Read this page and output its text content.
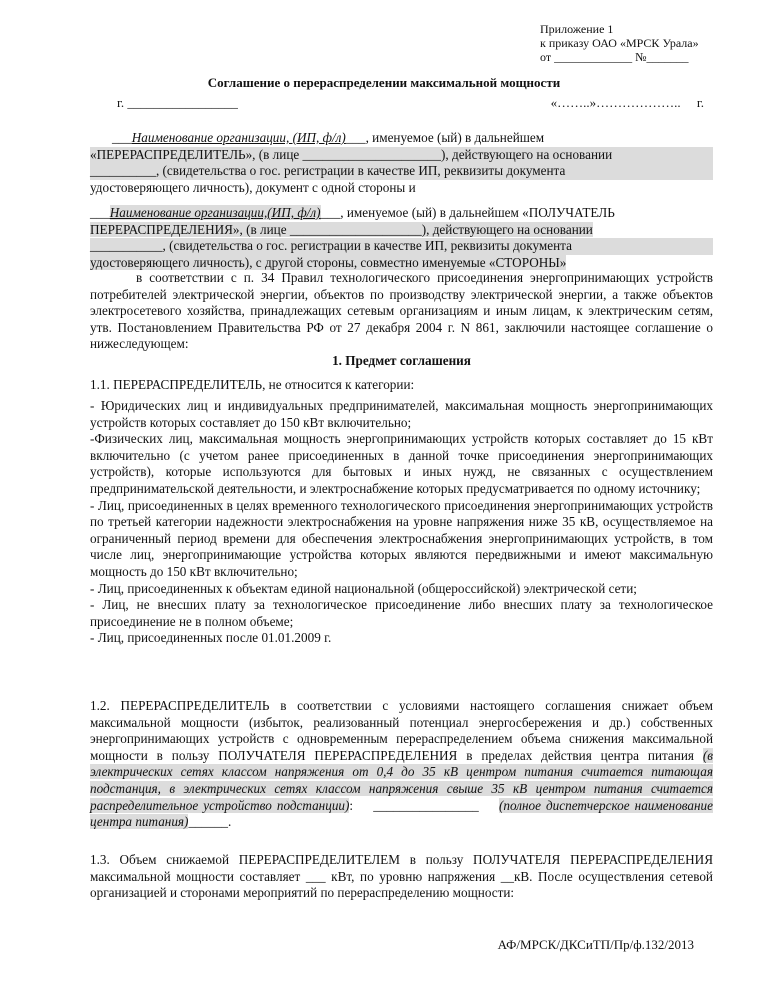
Приложение 1
к приказу ОАО «МРСК Урала»
от _____________ №_______
Соглашение о перераспределении максимальной мощности
г. _________________	«……..»………………..     г.

___Наименование организации, (ИП, ф/л)___, именуемое (ый) в дальнейшем

«ПЕРЕРАСПРЕДЕЛИТЕЛЬ», (в лице _____________________), действующего на основании

__________, (свидетельства о гос. регистрации в качестве ИП, реквизиты документа

удостоверяющего личность), документ с одной стороны и

___Наименование организации,(ИП, ф/л)___, именуемое (ый) в дальнейшем «ПОЛУЧАТЕЛЬ

ПЕРЕРАСПРЕДЕЛЕНИЯ», (в лице ____________________), действующего на основании

___________, (свидетельства о гос. регистрации в качестве ИП, реквизиты документа

удостоверяющего личность), с другой стороны, совместно именуемые «СТОРОНЫ»

в соответствии с п. 34 Правил технологического присоединения энергопринимающих устройств потребителей электрической энергии, объектов по производству электрической энергии, а также объектов электросетевого хозяйства, принадлежащих сетевым организациям и иным лицам, к электрическим сетям, утв. Постановлением Правительства РФ от 27 декабря 2004 г. N 861, заключили настоящее соглашение о нижеследующем:

1. Предмет соглашения
1.1. ПЕРЕРАСПРЕДЕЛИТЕЛЬ, не относится к категории:

- Юридических лиц и индивидуальных предпринимателей, максимальная мощность энергопринимающих устройств которых составляет до 150 кВт включительно;

-Физических лиц, максимальная мощность энергопринимающих устройств которых составляет до 15 кВт включительно (с учетом ранее присоединенных в данной точке присоединения энергопринимающих устройств), которые используются для бытовых и иных нужд, не связанных с осуществлением предпринимательской деятельности, и электроснабжение которых предусматривается по одному источнику;

- Лиц, присоединенных в целях временного технологического присоединения энергопринимающих устройств по третьей категории надежности электроснабжения на уровне напряжения ниже 35 кВ, осуществляемое на ограниченный период времени для обеспечения электроснабжения энергопринимающих устройств, в том числе лиц, энергопринимающие устройства которых являются передвижными и имеют максимальную мощность до 150 кВт включительно;

- Лиц, присоединенных к объектам единой национальной (общероссийской) электрической сети;

- Лиц, не внесших плату за технологическое присоединение либо внесших плату за технологическое присоединение не в полном объеме;

- Лиц, присоединенных после 01.01.2009 г.

1.2. ПЕРЕРАСПРЕДЕЛИТЕЛЬ в соответствии с условиями настоящего соглашения снижает объем максимальной мощности (избыток, реализованный потенциал энергосбережения и др.) собственных энергопринимающих устройств с одновременным перераспределением объема снижения максимальной мощности в пользу ПОЛУЧАТЕЛЯ ПЕРЕРАСПРЕДЕЛЕНИЯ в пределах действия центра питания (в электрических сетях классом напряжения от 0,4 до 35 кВ центром питания считается питающая подстанция, в электрических сетях классом напряжения свыше 35 кВ центром питания считается распределительное устройство подстанции): ________________ (полное диспетчерское наименование центра питания)______.

1.3. Объем снижаемой ПЕРЕРАСПРЕДЕЛИТЕЛЕМ в пользу ПОЛУЧАТЕЛЯ ПЕРЕРАСПРЕДЕЛЕНИЯ максимальной мощности составляет ___ кВт, по уровню напряжения __кВ. После осуществления сетевой организацией и сторонами мероприятий по перераспределению мощности:

АФ/МРСК/ДКСиТП/Пр/ф.132/2013
